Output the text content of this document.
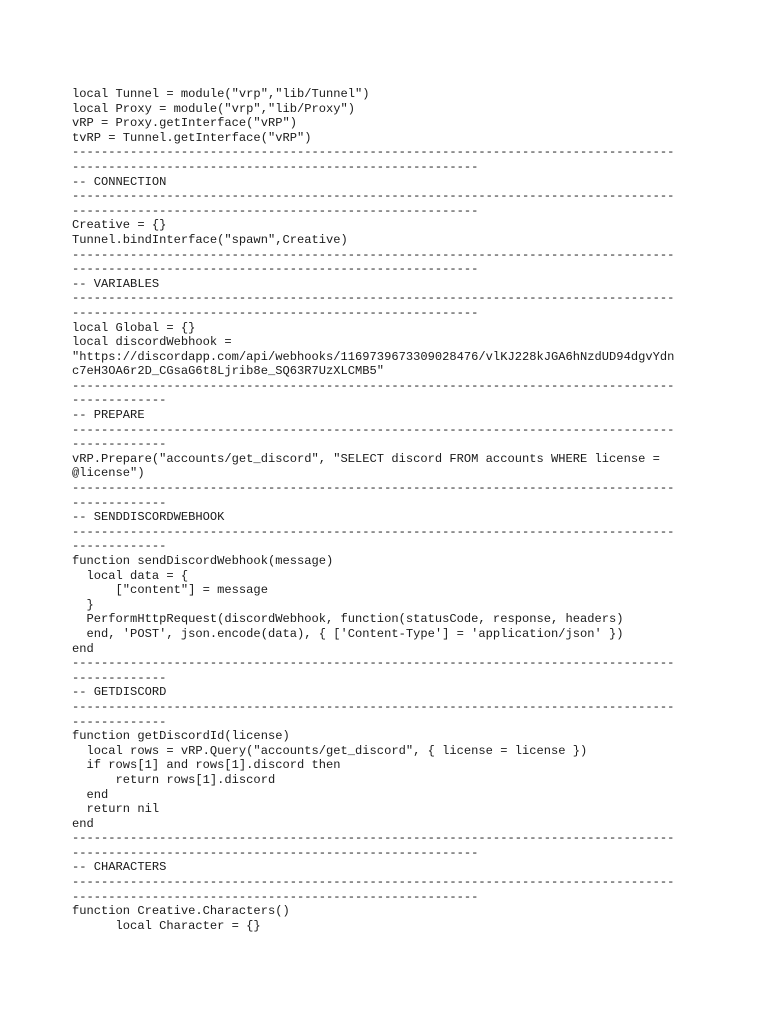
local Tunnel = module("vrp","lib/Tunnel")
local Proxy = module("vrp","lib/Proxy")
vRP = Proxy.getInterface("vRP")
tvRP = Tunnel.getInterface("vRP")
-----------------------------------------------------------------------------------
--------------------------------------------------------
-- CONNECTION
-----------------------------------------------------------------------------------
--------------------------------------------------------
Creative = {}
Tunnel.bindInterface("spawn",Creative)
-----------------------------------------------------------------------------------
--------------------------------------------------------
-- VARIABLES
-----------------------------------------------------------------------------------
--------------------------------------------------------
local Global = {}
local discordWebhook =
"https://discordapp.com/api/webhooks/1169739673309028476/vlKJ228kJGA6hNzdUD94dgvYdn
c7eH3OA6r2D_CGsaG6t8Ljrib8e_SQ63R7UzXLCMB5"
-----------------------------------------------------------------------------------
-------------
-- PREPARE
-----------------------------------------------------------------------------------
-------------
vRP.Prepare("accounts/get_discord", "SELECT discord FROM accounts WHERE license =
@license")
-----------------------------------------------------------------------------------
-------------
-- SENDDISCORDWEBHOOK
-----------------------------------------------------------------------------------
-------------
function sendDiscordWebhook(message)
local data = {
["content"] = message
}
PerformHttpRequest(discordWebhook, function(statusCode, response, headers)
end, 'POST', json.encode(data), { ['Content-Type'] = 'application/json' })
end
-----------------------------------------------------------------------------------
-------------
-- GETDISCORD
-----------------------------------------------------------------------------------
-------------
function getDiscordId(license)
local rows = vRP.Query("accounts/get_discord", { license = license })
if rows[1] and rows[1].discord then
return rows[1].discord
end
return nil
end
-----------------------------------------------------------------------------------
--------------------------------------------------------
-- CHARACTERS
-----------------------------------------------------------------------------------
--------------------------------------------------------
function Creative.Characters()
local Character = {}
